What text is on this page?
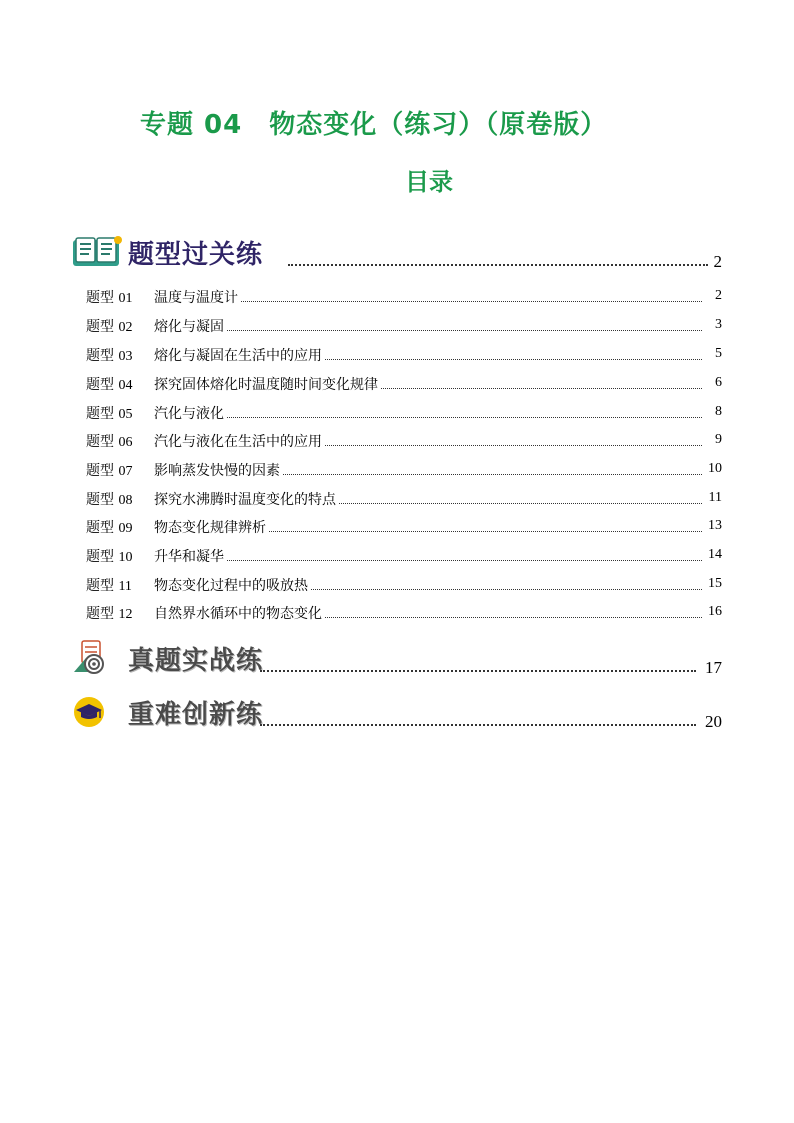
专题 04　物态变化（练习）（原卷版）
目录
题型过关练	2
题型 01 温度与温度计	2
题型 02 熔化与凝固	3
题型 03 熔化与凝固在生活中的应用	5
题型 04 探究固体熔化时温度随时间变化规律	6
题型 05 汽化与液化	8
题型 06 汽化与液化在生活中的应用	9
题型 07 影响蒸发快慢的因素	10
题型 08 探究水沸腾时温度变化的特点	11
题型 09 物态变化规律辨析	13
题型 10 升华和凝华	14
题型 11 物态变化过程中的吸放热	15
题型 12 自然界水循环中的物态变化	16
真题实战练	17
重难创新练	20
